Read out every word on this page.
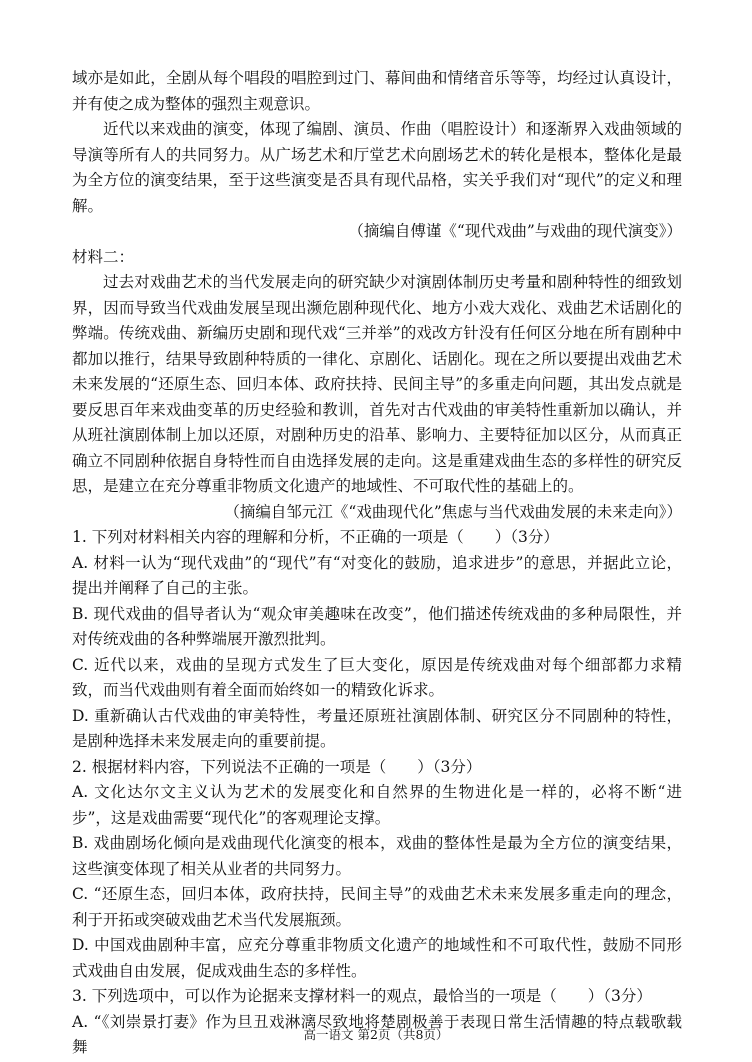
域亦是如此，全剧从每个唱段的唱腔到过门、幕间曲和情绪音乐等等，均经过认真设计，并有使之成为整体的强烈主观意识。

近代以来戏曲的演变，体现了编剧、演员、作曲（唱腔设计）和逐渐界入戏曲领域的导演等所有人的共同努力。从广场艺术和厅堂艺术向剧场艺术的转化是根本，整体化是最为全方位的演变结果，至于这些演变是否具有现代品格，实关乎我们对“现代”的定义和理解。

（摘编自傅谨《“现代戏曲”与戏曲的现代演变》）

材料二：

过去对戏曲艺术的当代发展走向的研究缺少对演剧体制历史考量和剧种特性的细致划界，因而导致当代戏曲发展呈现出濒危剧种现代化、地方小戏大戏化、戏曲艺术话剧化的弊端。传统戏曲、新编历史剧和现代戏“三并举”的戏改方针没有任何区分地在所有剧种中都加以推行，结果导致剧种特质的一律化、京剧化、话剧化。现在之所以要提出戏曲艺术未来发展的“还原生态、回归本体、政府扶持、民间主导”的多重走向问题，其出发点就是要反思百年来戏曲变革的历史经验和教训，首先对古代戏曲的审美特性重新加以确认，并从班社演剧体制上加以还原，对剧种历史的沿革、影响力、主要特征加以区分，从而真正确立不同剧种依据自身特性而自由选择发展的走向。这是重建戏曲生态的多样性的研究反思，是建立在充分尊重非物质文化遗产的地域性、不可取代性的基础上的。

（摘编自邹元江《“戏曲现代化”焦虑与当代戏曲发展的未来走向》）

1. 下列对材料相关内容的理解和分析，不正确的一项是（　　）（3分）

A. 材料一认为“现代戏曲”的“现代”有“对变化的鼓励，追求进步”的意思，并据此立论，提出并阐释了自己的主张。

B. 现代戏曲的倡导者认为“观众审美趣味在改变”，他们描述传统戏曲的多种局限性，并对传统戏曲的各种弊端展开激烈批判。

C. 近代以来，戏曲的呈现方式发生了巨大变化，原因是传统戏曲对每个细部都力求精致，而当代戏曲则有着全面而始终如一的精致化诉求。

D. 重新确认古代戏曲的审美特性，考量还原班社演剧体制、研究区分不同剧种的特性，是剧种选择未来发展走向的重要前提。

2. 根据材料内容，下列说法不正确的一项是（　　）（3分）

A. 文化达尔文主义认为艺术的发展变化和自然界的生物进化是一样的，必将不断“进步”，这是戏曲需要“现代化”的客观理论支撑。

B. 戏曲剧场化倾向是戏曲现代化演变的根本，戏曲的整体性是最为全方位的演变结果，这些演变体现了相关从业者的共同努力。

C. “还原生态，回归本体，政府扶持，民间主导”的戏曲艺术未来发展多重走向的理念，利于开拓或突破戏曲艺术当代发展瓶颈。

D. 中国戏曲剧种丰富，应充分尊重非物质文化遗产的地域性和不可取代性，鼓励不同形式戏曲自由发展，促成戏曲生态的多样性。

3. 下列选项中，可以作为论据来支撑材料一的观点，最恰当的一项是（　　）（3分）

A. “《刘崇景打妻》作为旦丑戏淋漓尽致地将楚剧极善于表现日常生活情趣的特点载歌载舞

高一语文 第2页（共8页）
